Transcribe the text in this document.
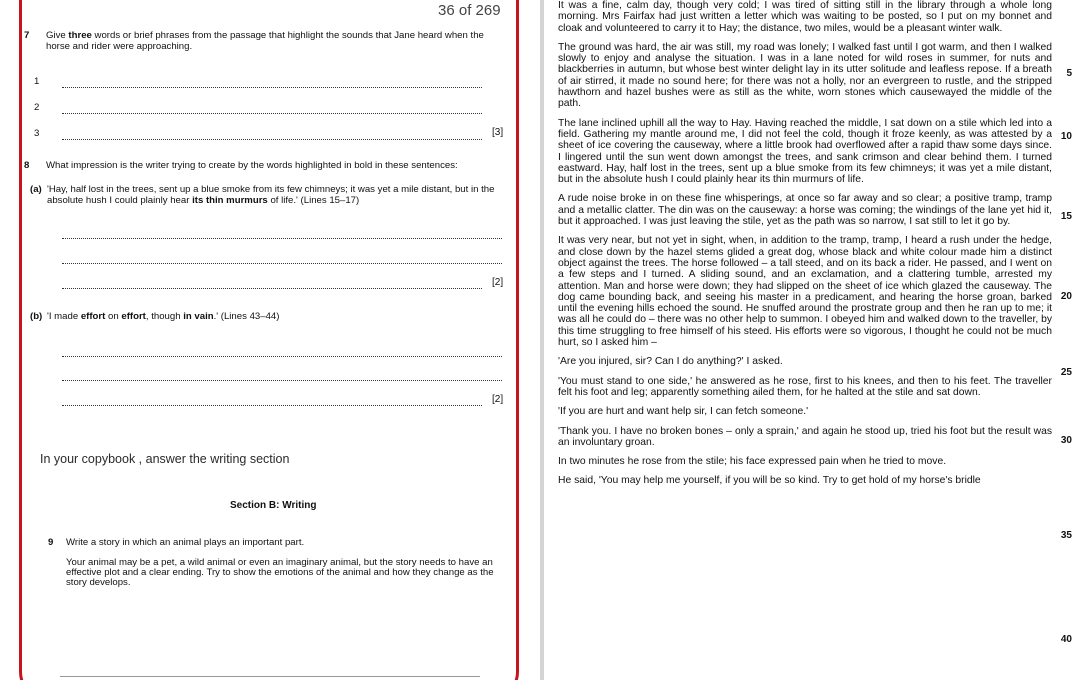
36 of 269
7 Give three words or brief phrases from the passage that highlight the sounds that Jane heard when the horse and rider were approaching.
1
2
3	[3]
8 What impression is the writer trying to create by the words highlighted in bold in these sentences:
(a) 'Hay, half lost in the trees, sent up a blue smoke from its few chimneys; it was yet a mile distant, but in the absolute hush I could plainly hear its thin murmurs of life.' (Lines 15–17)
[2]
(b) 'I made effort on effort, though in vain.' (Lines 43–44)
[2]
In your copybook , answer the writing section
Section B: Writing
9 Write a story in which an animal plays an important part.
Your animal may be a pet, a wild animal or even an imaginary animal, but the story needs to have an effective plot and a clear ending. Try to show the emotions of the animal and how they change as the story develops.

It was a fine, calm day, though very cold; I was tired of sitting still in the library through a whole long morning. Mrs Fairfax had just written a letter which was waiting to be posted, so I put on my bonnet and cloak and volunteered to carry it to Hay; the distance, two miles, would be a pleasant winter walk.

The ground was hard, the air was still, my road was lonely; I walked fast until I got warm, and then I walked slowly to enjoy and analyse the situation. I was in a lane noted for wild roses in summer, for nuts and blackberries in autumn, but whose best winter delight lay in its utter solitude and leafless repose. If a breath of air stirred, it made no sound here; for there was not a holly, nor an evergreen to rustle, and the stripped hawthorn and hazel bushes were as still as the white, worn stones which causewayed the middle of the path.

The lane inclined uphill all the way to Hay. Having reached the middle, I sat down on a stile which led into a field. Gathering my mantle around me, I did not feel the cold, though it froze keenly, as was attested by a sheet of ice covering the causeway, where a little brook had overflowed after a rapid thaw some days since. I lingered until the sun went down amongst the trees, and sank crimson and clear behind them. I turned eastward. Hay, half lost in the trees, sent up a blue smoke from its few chimneys; it was yet a mile distant, but in the absolute hush I could plainly hear its thin murmurs of life.

A rude noise broke in on these fine whisperings, at once so far away and so clear; a positive tramp, tramp and a metallic clatter. The din was on the causeway: a horse was coming; the windings of the lane yet hid it, but it approached. I was just leaving the stile, yet as the path was so narrow, I sat still to let it go by.

It was very near, but not yet in sight, when, in addition to the tramp, tramp, I heard a rush under the hedge, and close down by the hazel stems glided a great dog, whose black and white colour made him a distinct object against the trees. The horse followed – a tall steed, and on its back a rider. He passed, and I went on a few steps and I turned. A sliding sound, and an exclamation, and a clattering tumble, arrested my attention. Man and horse were down; they had slipped on the sheet of ice which glazed the causeway. The dog came bounding back, and seeing his master in a predicament, and hearing the horse groan, barked until the evening hills echoed the sound. He snuffed around the prostrate group and then he ran up to me; it was all he could do – there was no other help to summon. I obeyed him and walked down to the traveller, by this time struggling to free himself of his steed. His efforts were so vigorous, I thought he could not be much hurt, so I asked him –

'Are you injured, sir? Can I do anything?' I asked.

'You must stand to one side,' he answered as he rose, first to his knees, and then to his feet. The traveller felt his foot and leg; apparently something ailed them, for he halted at the stile and sat down.

'If you are hurt and want help sir, I can fetch someone.'

'Thank you. I have no broken bones – only a sprain,' and again he stood up, tried his foot but the result was an involuntary groan.

In two minutes he rose from the stile; his face expressed pain when he tried to move.

He said, 'You may help me yourself, if you will be so kind. Try to get hold of my horse's bridle

5
10
15
20
25
30
35
40
